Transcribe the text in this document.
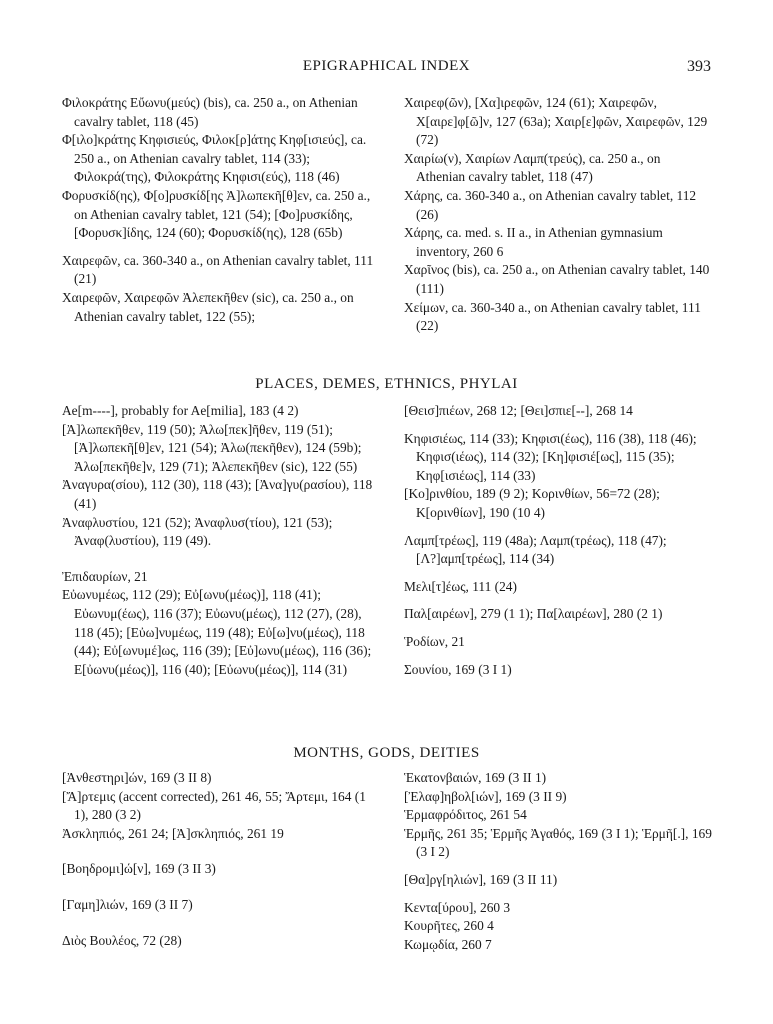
EPIGRAPHICAL INDEX	393

Φιλοκράτης Εὔωνυ(μεύς) (bis), ca. 250 a., on Athenian cavalry tablet, 118 (45)

Φ[ιλο]κράτης Κηφισιεύς, Φιλοκ[ρ]άτης Κηφ[ισιεύς], ca. 250 a., on Athenian cavalry tablet, 114 (33); Φιλοκρά(της), Φιλοκράτης Κηφισι(εύς), 118 (46)

Φορυσκίδ(ης), Φ[ο]ρυσκίδ[ης Ἀ]λωπεκῆ[θ]εν, ca. 250 a., on Athenian cavalry tablet, 121 (54); [Φο]ρυσκίδης, [Φορυσκ]ίδης, 124 (60); Φορυσκίδ(ης), 128 (65b)

Χαιρεφῶν, ca. 360-340 a., on Athenian cavalry tablet, 111 (21)

Χαιρεφῶν, Χαιρεφῶν Ἀλεπεκῆθεν (sic), ca. 250 a., on Athenian cavalry tablet, 122 (55);

Χαιρεφ(ῶν), [Χα]ιρεφῶν, 124 (61); Χαιρεφῶν, Χ[αιρε]φ[ῶ]ν, 127 (63a); Χαιρ[ε]φῶν, Χαιρεφῶν, 129 (72)

Χαιρίω(ν), Χαιρίων Λαμπ(τρεύς), ca. 250 a., on Athenian cavalry tablet, 118 (47)

Χάρης, ca. 360-340 a., on Athenian cavalry tablet, 112 (26)

Χάρης, ca. med. s. II a., in Athenian gymnasium inventory, 260 6

Χαρῖνος (bis), ca. 250 a., on Athenian cavalry tablet, 140 (111)

Χείμων, ca. 360-340 a., on Athenian cavalry tablet, 111 (22)

PLACES, DEMES, ETHNICS, PHYLAI

Ae[m----], probably for Ae[milia], 183 (4 2)

[Ἀ]λωπεκῆθεν, 119 (50); Ἀλω[πεκ]ῆθεν, 119 (51); [Ἀ]λωπεκῆ[θ]εν, 121 (54); Ἀλω(πεκῆθεν), 124 (59b); Ἀλω[πεκῆθε]ν, 129 (71); Ἀλεπεκῆθεν (sic), 122 (55)

Ἀναγυρα(σίου), 112 (30), 118 (43); [Ἀνα]γυ(ρασίου), 118 (41)

Ἀναφλυστίου, 121 (52); Ἀναφλυσ(τίου), 121 (53); Ἀναφ(λυστίου), 119 (49).

Ἐπιδαυρίων, 21

Εὐωνυμέως, 112 (29); Εὐ[ωνυ(μέως)], 118 (41); Εὐωνυμ(έως), 116 (37); Εὐωνυ(μέως), 112 (27), (28), 118 (45); [Εὐω]νυμέως, 119 (48); Εὐ[ω]νυ(μέως), 118 (44); Εὐ[ωνυμέ]ως, 116 (39); [Εὐ]ωνυ(μέως), 116 (36); Ε[ὐωνυ(μέως)], 116 (40); [Εὐωνυ(μέως)], 114 (31)

[Θεισ]πιέων, 268 12; [Θει]σπιε[--], 268 14

Κηφισιέως, 114 (33); Κηφισι(έως), 116 (38), 118 (46); Κηφισ(ιέως), 114 (32); [Κη]φισιέ[ως], 115 (35); Κηφ[ισιέως], 114 (33)

[Κο]ρινθίου, 189 (9 2); Κορινθίων, 56=72 (28); Κ[ορινθίων], 190 (10 4)

Λαμπ[τρέως], 119 (48a); Λαμπ(τρέως), 118 (47); [Λ?]αμπ[τρέως], 114 (34)

Μελι[τ]έως, 111 (24)

Παλ[αιρέων], 279 (1 1); Πα[λαιρέων], 280 (2 1)

Ῥοδίων, 21

Σουνίου, 169 (3 I 1)

MONTHS, GODS, DEITIES

[Ἀνθεστηρι]ών, 169 (3 II 8)

[Ἄ]ρτεμις (accent corrected), 261 46, 55; Ἄρτεμι, 164 (1 1), 280 (3 2)

Ἀσκληπιός, 261 24; [Ἀ]σκληπιός, 261 19

[Βοηδρομι]ώ[ν], 169 (3 II 3)

[Γαμη]λιών, 169 (3 II 7)

Διὸς Βουλέος, 72 (28)

Ἑκατονβαιών, 169 (3 II 1)

[Ἐλαφ]ηβολ[ιών], 169 (3 II 9)

Ἑρμαφρόδιτος, 261 54

Ἑρμῆς, 261 35; Ἑρμῆς Ἀγαθός, 169 (3 I 1); Ἑρμῆ[.], 169 (3 I 2)

[Θα]ργ[ηλιών], 169 (3 II 11)

Κεντα[ύρου], 260 3

Κουρῆτες, 260 4

Κωμῳδία, 260 7
